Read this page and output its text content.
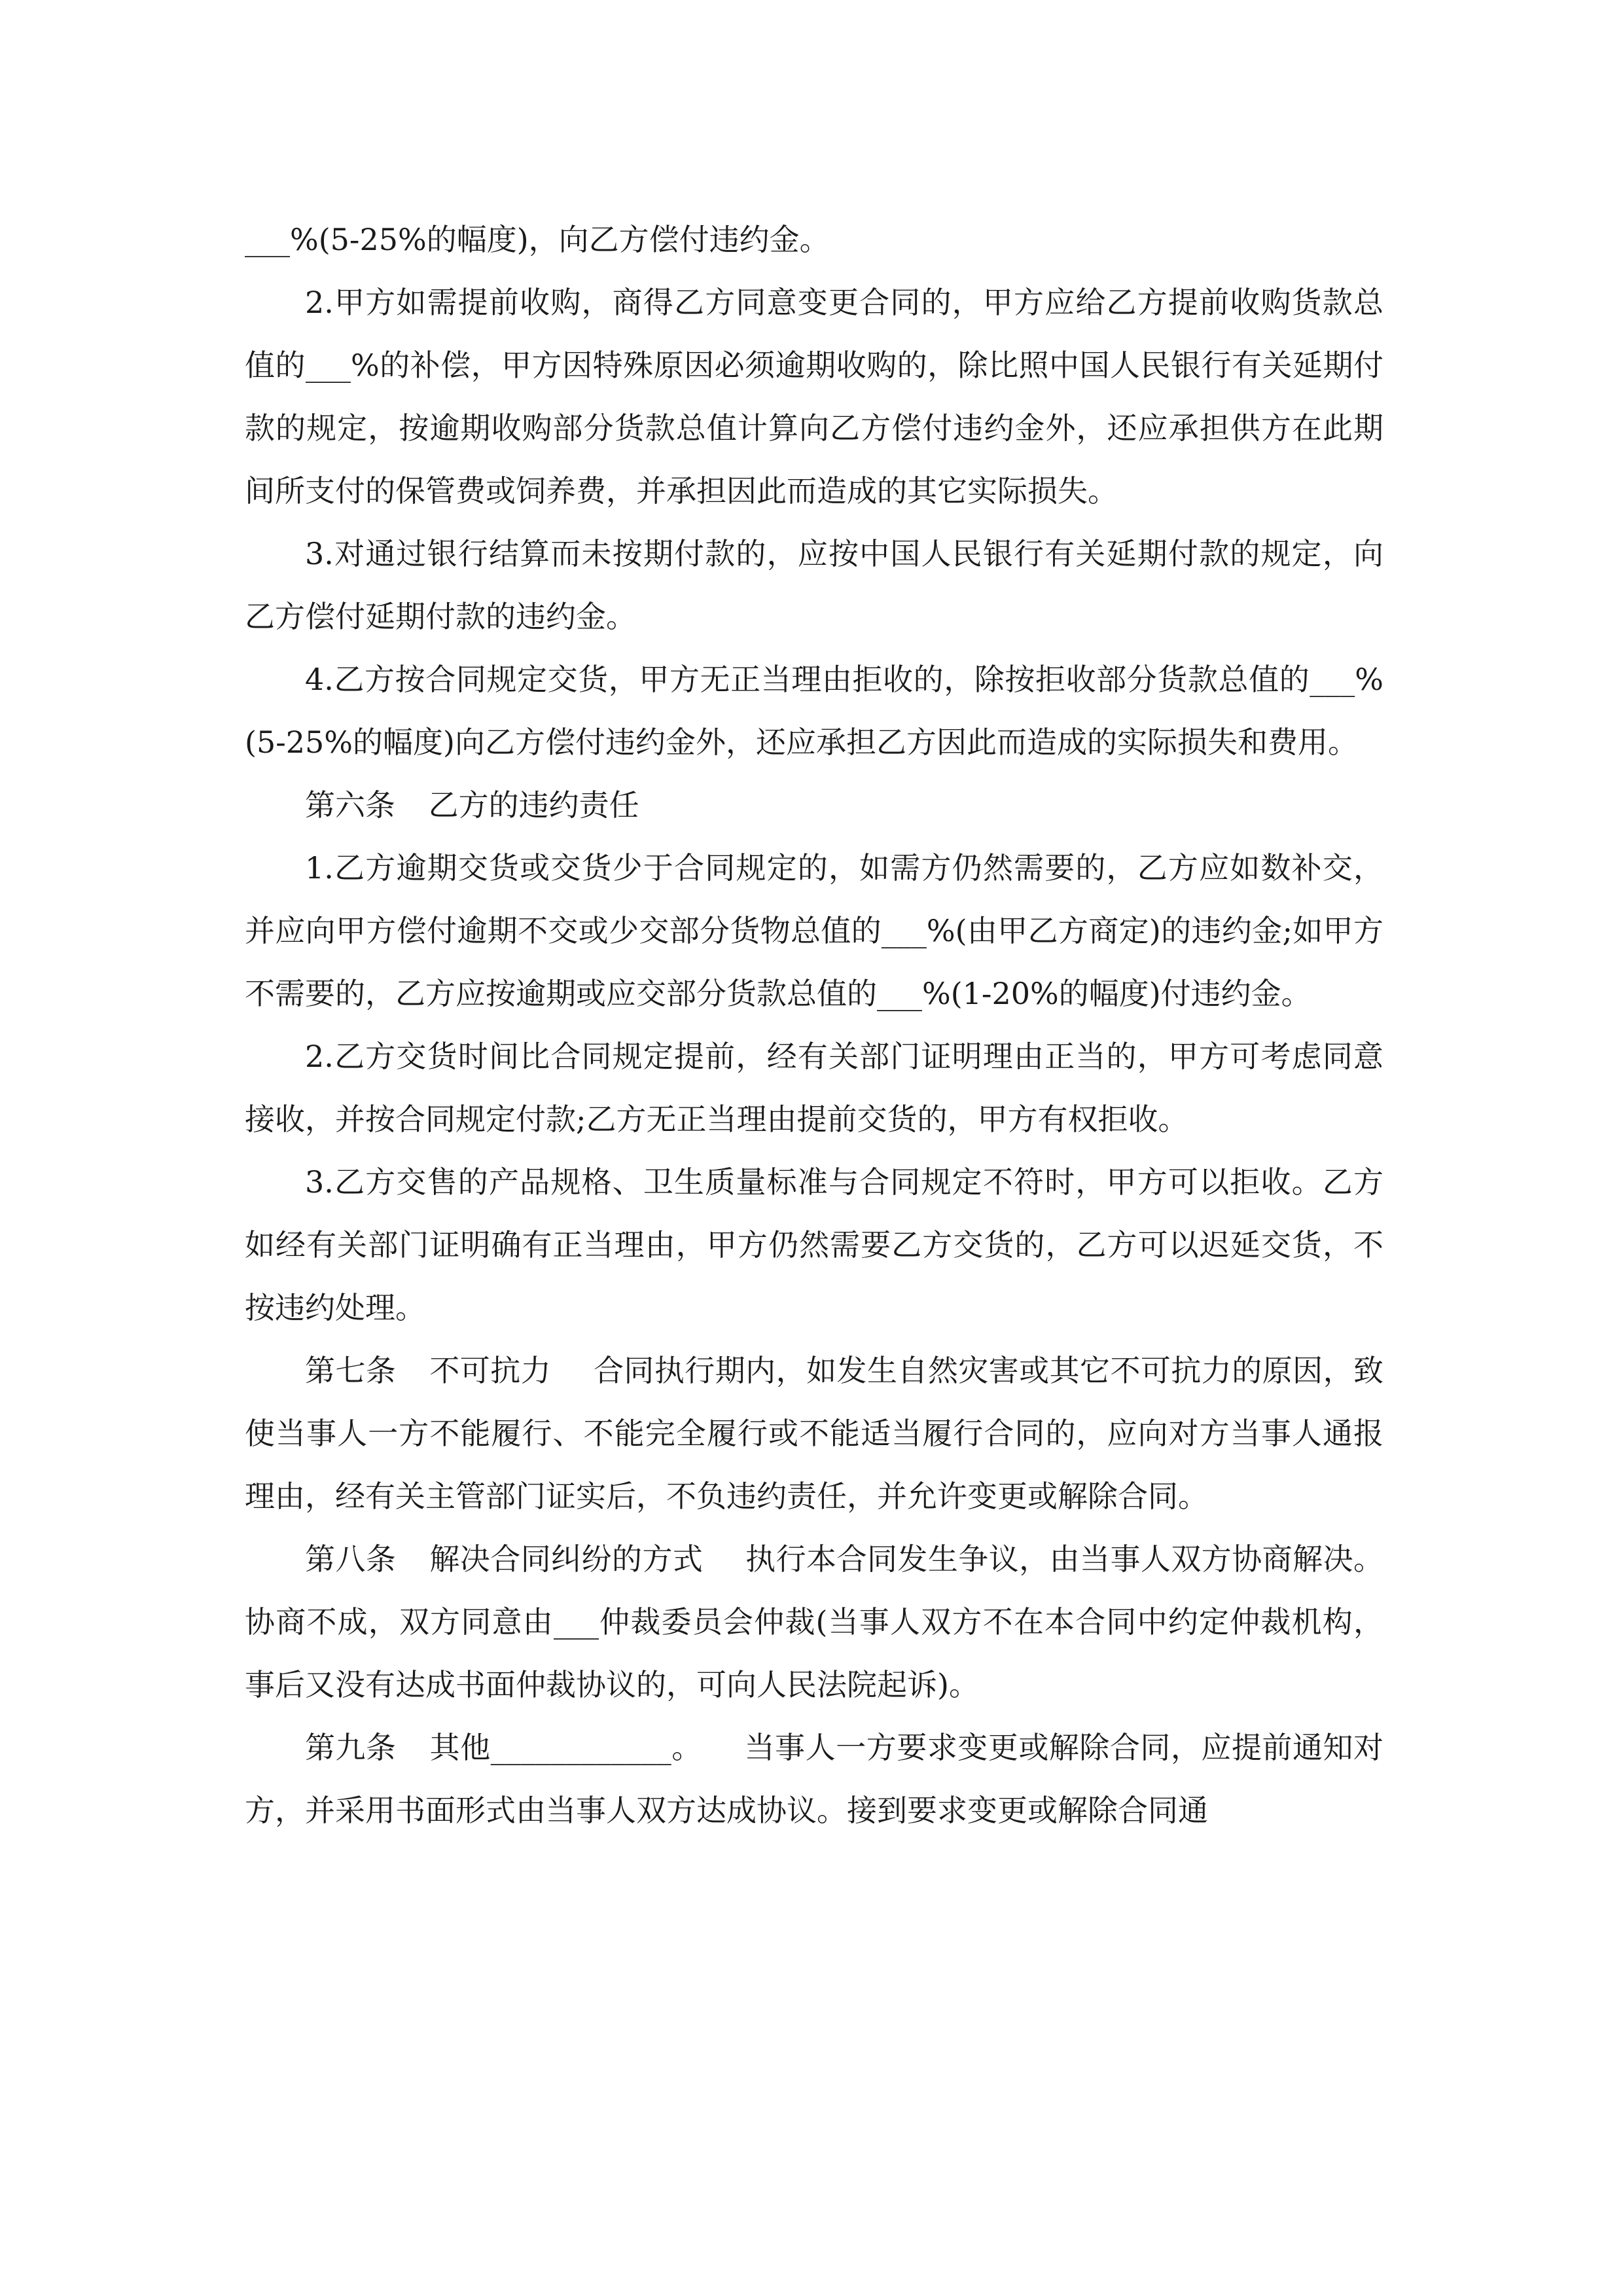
___%(5-25%的幅度)，向乙方偿付违约金。

2.甲方如需提前收购，商得乙方同意变更合同的，甲方应给乙方提前收购货款总值的___%的补偿，甲方因特殊原因必须逾期收购的，除比照中国人民银行有关延期付款的规定，按逾期收购部分货款总值计算向乙方偿付违约金外，还应承担供方在此期间所支付的保管费或饲养费，并承担因此而造成的其它实际损失。

3.对通过银行结算而未按期付款的，应按中国人民银行有关延期付款的规定，向乙方偿付延期付款的违约金。

4.乙方按合同规定交货，甲方无正当理由拒收的，除按拒收部分货款总值的___%(5-25%的幅度)向乙方偿付违约金外，还应承担乙方因此而造成的实际损失和费用。

第六条 乙方的违约责任

1.乙方逾期交货或交货少于合同规定的，如需方仍然需要的，乙方应如数补交，并应向甲方偿付逾期不交或少交部分货物总值的___%(由甲乙方商定)的违约金;如甲方不需要的，乙方应按逾期或应交部分货款总值的___%(1-20%的幅度)付违约金。

2.乙方交货时间比合同规定提前，经有关部门证明理由正当的，甲方可考虑同意接收，并按合同规定付款;乙方无正当理由提前交货的，甲方有权拒收。

3.乙方交售的产品规格、卫生质量标准与合同规定不符时，甲方可以拒收。乙方如经有关部门证明确有正当理由，甲方仍然需要乙方交货的，乙方可以迟延交货，不按违约处理。

第七条 不可抗力 合同执行期内，如发生自然灾害或其它不可抗力的原因，致使当事人一方不能履行、不能完全履行或不能适当履行合同的，应向对方当事人通报理由，经有关主管部门证实后，不负违约责任，并允许变更或解除合同。

第八条 解决合同纠纷的方式 执行本合同发生争议，由当事人双方协商解决。协商不成，双方同意由___仲裁委员会仲裁(当事人双方不在本合同中约定仲裁机构，事后又没有达成书面仲裁协议的，可向人民法院起诉)。

第九条 其他____________。 当事人一方要求变更或解除合同，应提前通知对方，并采用书面形式由当事人双方达成协议。接到要求变更或解除合同通
